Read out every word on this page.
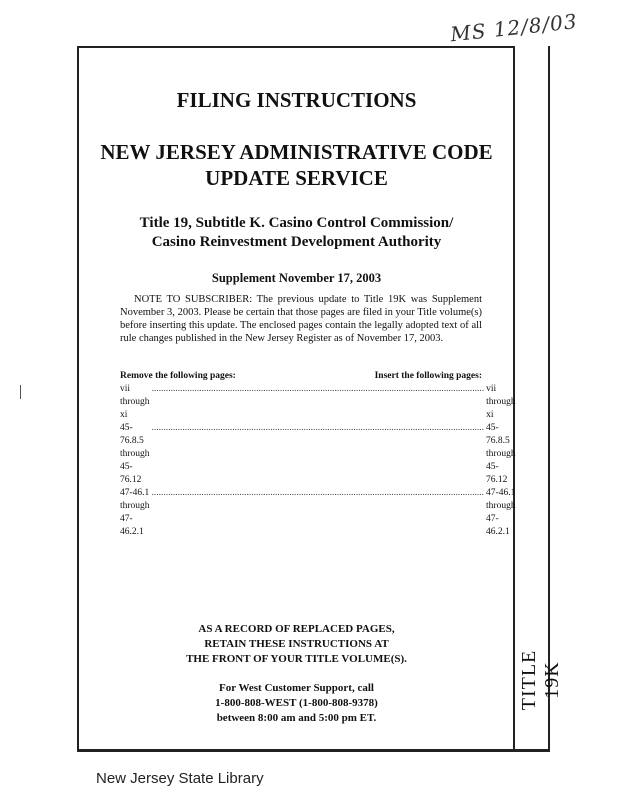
MS 12/8/03
FILING INSTRUCTIONS
NEW JERSEY ADMINISTRATIVE CODE
UPDATE SERVICE
Title 19, Subtitle K. Casino Control Commission/
Casino Reinvestment Development Authority
Supplement November 17, 2003
NOTE TO SUBSCRIBER: The previous update to Title 19K was Supplement November 3, 2003. Please be certain that those pages are filed in your Title volume(s) before inserting this update. The enclosed pages contain the legally adopted text of all rule changes published in the New Jersey Register as of November 17, 2003.
Remove the following pages:	Insert the following pages:
vii through xi
............................................................................................................................................ vii through xi
45-76.8.5 through 45-76.12
............................................................................................................................................ 45-76.8.5 through 45-76.12
47-46.1 through 47-46.2.1
............................................................................................................................................ 47-46.1 through 47-46.2.1
AS A RECORD OF REPLACED PAGES,
RETAIN THESE INSTRUCTIONS AT
THE FRONT OF YOUR TITLE VOLUME(S).
For West Customer Support, call
1-800-808-WEST (1-800-808-9378)
between 8:00 am and 5:00 pm ET.
TITLE 19K
New Jersey State Library
